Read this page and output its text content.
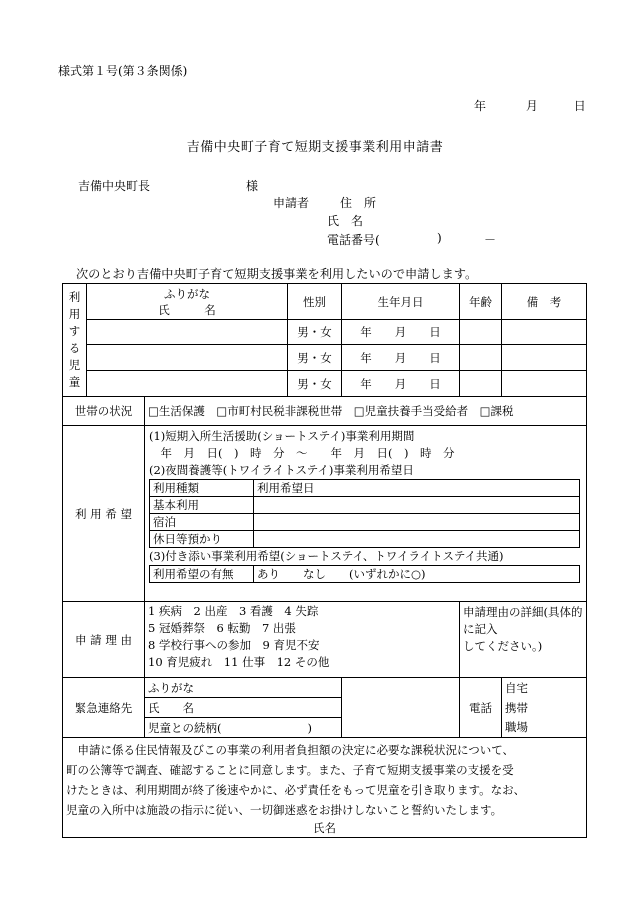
様式第１号(第３条関係)
年	月	日
吉備中央町子育て短期支援事業利用申請書
吉備中央町長	様
申請者	住　所
氏　名
電話番号(	)	－
次のとおり吉備中央町子育て短期支援事業を利用したいので申請します。
利
用
す
る
児
童

ふりがな
氏　　　名
	性別	生年月日	年齢	備　考
	男・女	年　　月　　日		
	男・女	年　　月　　日		
	男・女	年　　月　　日		
世帯の状況	□生活保護　□市町村民税非課税世帯　□児童扶養手当受給者　□課税
利 用 希 望	
(1)短期入所生活援助(ショートステイ)事業利用期間
　年　月　日(　)　時　分　～　　年　月　日(　)　時　分
(2)夜間養護等(トワイライトステイ)事業利用希望日
利用種類	利用希望日
基本利用	
宿泊	
休日等預かり	
(3)付き添い事業利用希望(ショートステイ、トワイライトステイ共通)
利用希望の有無	あり　　なし　　(いずれかに○)

申 請 理 由	
1 疾病　2 出産　3 看護　4 失踪
5 冠婚葬祭　6 転勤　7 出張
8 学校行事への参加　9 育児不安
10 育児疲れ　11 仕事　12 その他

申請理由の詳細(具体的に記入
してください。)

緊急連絡先	ふりがな		電話	自宅
氏　　名	携帯
児童との続柄(	)	職場

　申請に係る住民情報及びこの事業の利用者負担額の決定に必要な課税状況について、
町の公簿等で調査、確認することに同意します。また、子育て短期支援事業の支援を受
けたときは、利用期間が終了後速やかに、必ず責任をもって児童を引き取ります。なお、
児童の入所中は施設の指示に従い、一切御迷惑をお掛けしないこと誓約いたします。
氏名
